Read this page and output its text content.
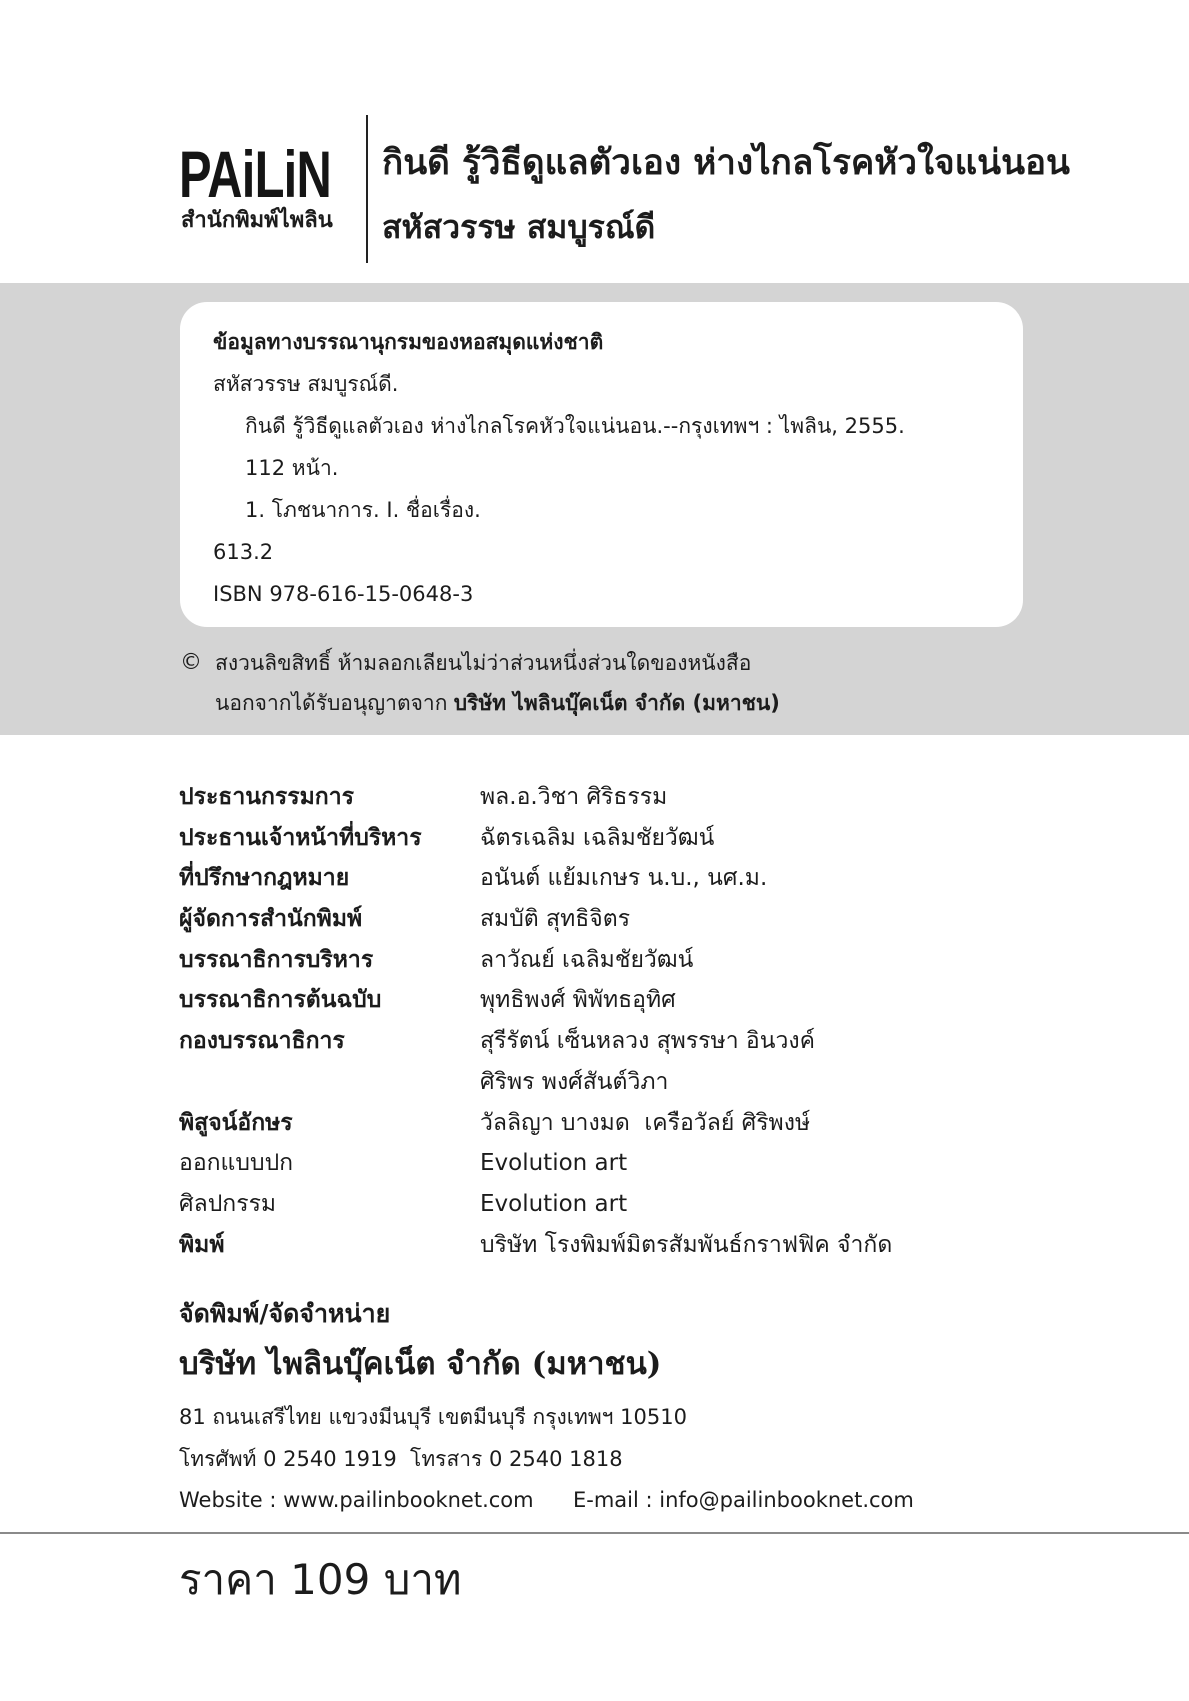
PAiLiN
สำนักพิมพ์ไพลิน
กินดี รู้วิธีดูแลตัวเอง ห่างไกลโรคหัวใจแน่นอน
สหัสวรรษ สมบูรณ์ดี
ข้อมูลทางบรรณานุกรมของหอสมุดแห่งชาติ
สหัสวรรษ สมบูรณ์ดี.
กินดี รู้วิธีดูแลตัวเอง ห่างไกลโรคหัวใจแน่นอน.--กรุงเทพฯ : ไพลิน, 2555.
112 หน้า.
1. โภชนาการ. I. ชื่อเรื่อง.
613.2
ISBN 978-616-15-0648-3
© สงวนลิขสิทธิ์ ห้ามลอกเลียนไม่ว่าส่วนหนึ่งส่วนใดของหนังสือ
นอกจากได้รับอนุญาตจาก บริษัท ไพลินบุ๊คเน็ต จำกัด (มหาชน)
ประธานกรรมการ	พล.อ.วิชา ศิริธรรม
ประธานเจ้าหน้าที่บริหาร	ฉัตรเฉลิม เฉลิมชัยวัฒน์
ที่ปรึกษากฎหมาย	อนันต์ แย้มเกษร น.บ., นศ.ม.
ผู้จัดการสำนักพิมพ์	สมบัติ สุทธิจิตร
บรรณาธิการบริหาร	ลาวัณย์ เฉลิมชัยวัฒน์
บรรณาธิการต้นฉบับ	พุทธิพงศ์ พิพัทธอุทิศ
กองบรรณาธิการ	สุรีรัตน์ เซ็นหลวง สุพรรษา อินวงค์
ศิริพร พงศ์สันต์วิภา
พิสูจน์อักษร	วัลลิญา บางมด  เครือวัลย์ ศิริพงษ์
ออกแบบปก	Evolution art
ศิลปกรรม	Evolution art
พิมพ์	บริษัท โรงพิมพ์มิตรสัมพันธ์กราฟฟิค จำกัด
จัดพิมพ์/จัดจำหน่าย
บริษัท ไพลินบุ๊คเน็ต จำกัด (มหาชน)
81 ถนนเสรีไทย แขวงมีนบุรี เขตมีนบุรี กรุงเทพฯ 10510
โทรศัพท์ 0 2540 1919  โทรสาร 0 2540 1818
Website : www.pailinbooknet.com E-mail : info@pailinbooknet.com
ราคา 109 บาท
